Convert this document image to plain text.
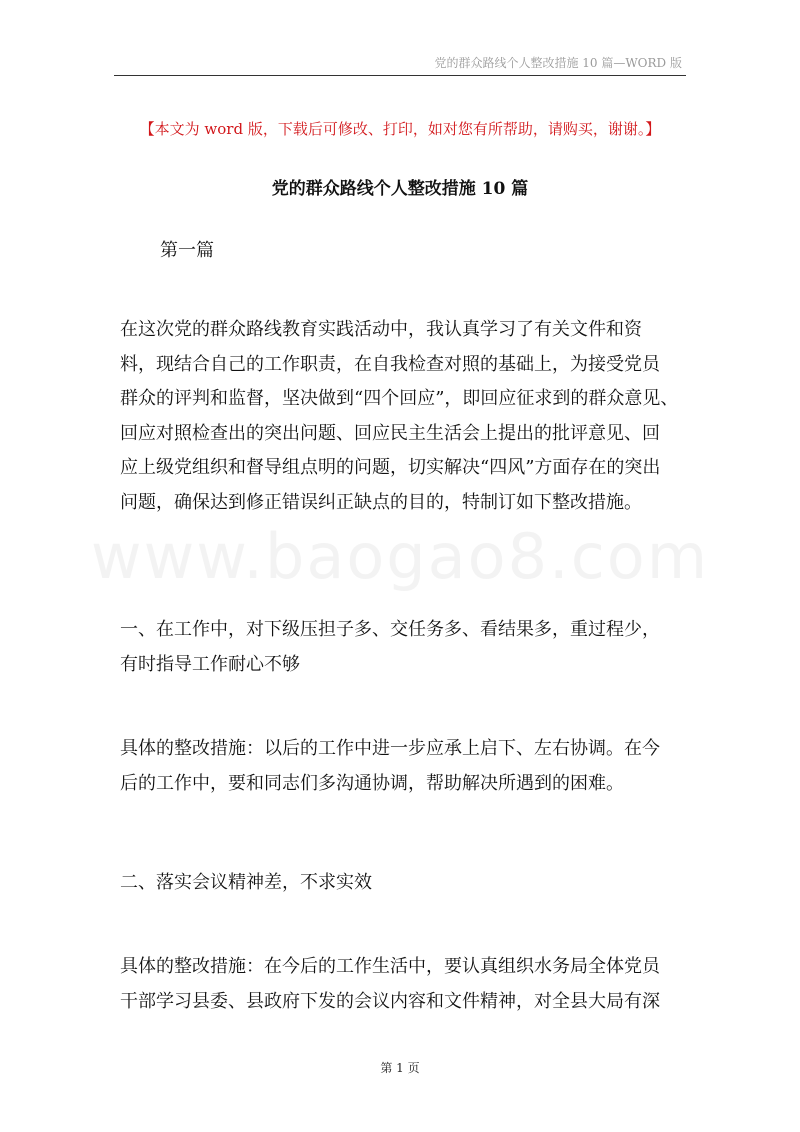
党的群众路线个人整改措施 10 篇—WORD 版
【本文为 word 版，下载后可修改、打印，如对您有所帮助，请购买，谢谢。】
党的群众路线个人整改措施 10 篇
第一篇
在这次党的群众路线教育实践活动中，我认真学习了有关文件和资
料，现结合自己的工作职责，在自我检查对照的基础上，为接受党员
群众的评判和监督，坚决做到“四个回应”，即回应征求到的群众意见、
回应对照检查出的突出问题、回应民主生活会上提出的批评意见、回
应上级党组织和督导组点明的问题，切实解决“四风”方面存在的突出
问题，确保达到修正错误纠正缺点的目的，特制订如下整改措施。
一、在工作中，对下级压担子多、交任务多、看结果多，重过程少，
有时指导工作耐心不够
具体的整改措施：以后的工作中进一步应承上启下、左右协调。在今
后的工作中，要和同志们多沟通协调，帮助解决所遇到的困难。
二、落实会议精神差，不求实效
具体的整改措施：在今后的工作生活中，要认真组织水务局全体党员
干部学习县委、县政府下发的会议内容和文件精神，对全县大局有深
www.baogao8.com
第 1 页
